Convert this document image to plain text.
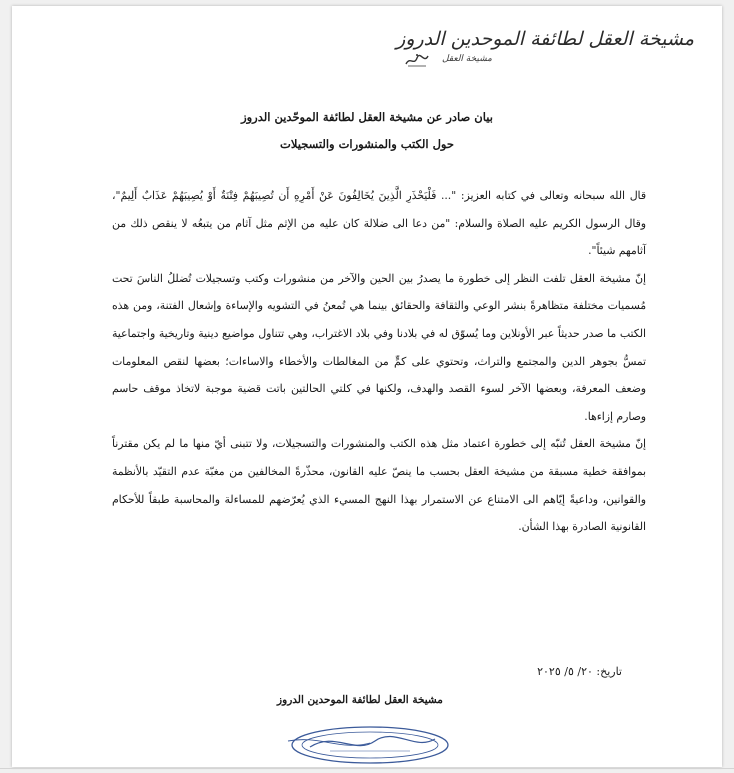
مشيخة العقل لطائفة الموحدين الدروز
مشيخة العقل
بيان صادر عن مشيخة العقل لطائفة الموحّدين الدروز
حول الكتب والمنشورات والتسجيلات

قال الله سبحانه وتعالى في كتابه العزيز: "... فَلْيَحْذَرِ الَّذِينَ يُخَالِفُونَ عَنْ أَمْرِهِ أَن تُصِيبَهُمْ فِتْنَةٌ أَوْ يُصِيبَهُمْ عَذَابٌ أَلِيمٌ"، وقال الرسول الكريم عليه الصلاة والسلام: "من دعا الى ضلالة كان عليه من الإثم مثل آثام من يتبعُه لا ينقص ذلك من آثامهم شيئاً".

إنّ مشيخة العقل تلفت النظر إلى خطورة ما يصدرُ بين الحين والآخر من منشورات وكتب وتسجيلات تُضللُ الناسَ تحت مُسميات مختلفة متظاهرةً بنشر الوعي والثقافة والحقائق بينما هي تُمعنُ في التشويه والإساءة وإشعال الفتنة، ومن هذه الكتب ما صدر حديثاً عبر الأونلاين وما يُسوّق له في بلادنا وفي بلاد الاغتراب، وهي تتناول مواضيع دينية وتاريخية واجتماعية تمسُّ بجوهر الدين والمجتمع والتراث، وتحتوي على كمٍّ من المغالطات والأخطاء والاساءات؛ بعضها لنقص المعلومات وضعف المعرفة، وبعضها الآخر لسوء القصد والهدف، ولكنها في كلتي الحالتين باتت قضية موجبة لاتخاذ موقف حاسم وصارم إزاءها.

إنّ مشيخة العقل تُنبّه إلى خطورة اعتماد مثل هذه الكتب والمنشورات والتسجيلات، ولا تتبنى أيّ منها ما لم يكن مقترناً بموافقة خطية مسبقة من مشيخة العقل بحسب ما ينصّ عليه القانون، محذّرةً المخالفين من مغبّة عدم التقيّد بالأنظمة والقوانين، وداعيةً إيّاهم الى الامتناع عن الاستمرار بهذا النهج المسيء الذي يُعرّضهم للمساءلة والمحاسبة طبقاً للأحكام القانونية الصادرة بهذا الشأن.

تاريخ: ٢٠/ ٥/ ٢٠٢٥
مشيخة العقل لطائفة الموحدين الدروز
